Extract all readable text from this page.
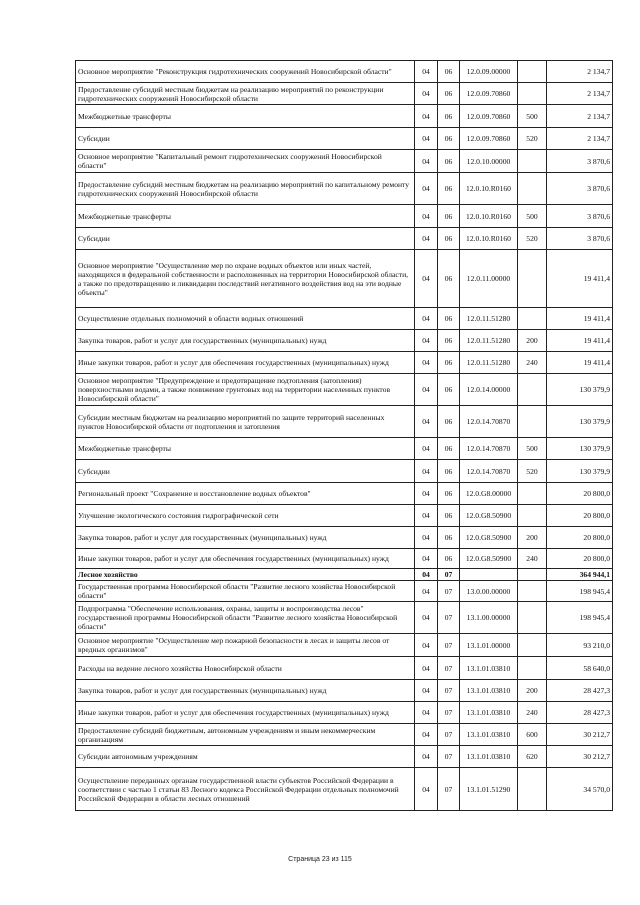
Основное мероприятие "Реконструкция гидротехнических сооружений Новосибирской области"	04	06	12.0.09.00000		2 134,7
Предоставление субсидий местным бюджетам на реализацию мероприятий по реконструкции гидротехнических сооружений Новосибирской области	04	06	12.0.09.70860		2 134,7
Межбюджетные трансферты	04	06	12.0.09.70860	500	2 134,7
Субсидии	04	06	12.0.09.70860	520	2 134,7
Основное мероприятие "Капитальный ремонт гидротехнических сооружений Новосибирской области"	04	06	12.0.10.00000		3 870,6
Предоставление субсидий местным бюджетам на реализацию мероприятий по капитальному ремонту гидротехнических сооружений Новосибирской области	04	06	12.0.10.R0160		3 870,6
Межбюджетные трансферты	04	06	12.0.10.R0160	500	3 870,6
Субсидии	04	06	12.0.10.R0160	520	3 870,6
Основное мероприятие "Осуществление мер по охране водных объектов или иных частей, находящихся в федеральной собственности и расположенных на территории Новосибирской области, а также по предотвращению и ликвидации последствий негативного воздействия вод на эти водные объекты"	04	06	12.0.11.00000		19 411,4
Осуществление отдельных полномочий в области водных отношений	04	06	12.0.11.51280		19 411,4
Закупка товаров, работ и услуг для государственных (муниципальных) нужд	04	06	12.0.11.51280	200	19 411,4
Иные закупки товаров, работ и услуг для обеспечения государственных (муниципальных) нужд	04	06	12.0.11.51280	240	19 411,4
Основное мероприятие "Предупреждение и предотвращение подтопления (затопления) поверхностными водами, а также понижение грунтовых вод на территории населенных пунктов Новосибирской области"	04	06	12.0.14.00000		130 379,9
Субсидии местным бюджетам на реализацию мероприятий по защите территорий населенных пунктов Новосибирской области от подтопления и затопления	04	06	12.0.14.70870		130 379,9
Межбюджетные трансферты	04	06	12.0.14.70870	500	130 379,9
Субсидии	04	06	12.0.14.70870	520	130 379,9
Региональный проект "Сохранение и восстановление водных объектов"	04	06	12.0.G8.00000		20 800,0
Улучшение экологического состояния гидрографической сети	04	06	12.0.G8.50900		20 800,0
Закупка товаров, работ и услуг для государственных (муниципальных) нужд	04	06	12.0.G8.50900	200	20 800,0
Иные закупки товаров, работ и услуг для обеспечения государственных (муниципальных) нужд	04	06	12.0.G8.50900	240	20 800,0
Лесное хозяйство	04	07			364 944,1
Государственная программа Новосибирской области "Развитие лесного хозяйства Новосибирской области"	04	07	13.0.00.00000		198 945,4
Подпрограмма "Обеспечение использования, охраны, защиты и воспроизводства лесов" государственной программы Новосибирской области "Развитие лесного хозяйства Новосибирской области"	04	07	13.1.00.00000		198 945,4
Основное мероприятие "Осуществление мер пожарной безопасности в лесах и защиты лесов от вредных организмов"	04	07	13.1.01.00000		93 210,0
Расходы на ведение лесного хозяйства Новосибирской области	04	07	13.1.01.03810		58 640,0
Закупка товаров, работ и услуг для государственных (муниципальных) нужд	04	07	13.1.01.03810	200	28 427,3
Иные закупки товаров, работ и услуг для обеспечения государственных (муниципальных) нужд	04	07	13.1.01.03810	240	28 427,3
Предоставление субсидий бюджетным, автономным учреждениям и иным некоммерческим организациям	04	07	13.1.01.03810	600	30 212,7
Субсидии автономным учреждениям	04	07	13.1.01.03810	620	30 212,7
Осуществление переданных органам государственной власти субъектов Российской Федерации в соответствии с частью 1 статьи 83 Лесного кодекса Российской Федерации отдельных полномочий Российской Федерации в области лесных отношений	04	07	13.1.01.51290		34 570,0
Страница 23 из 115
